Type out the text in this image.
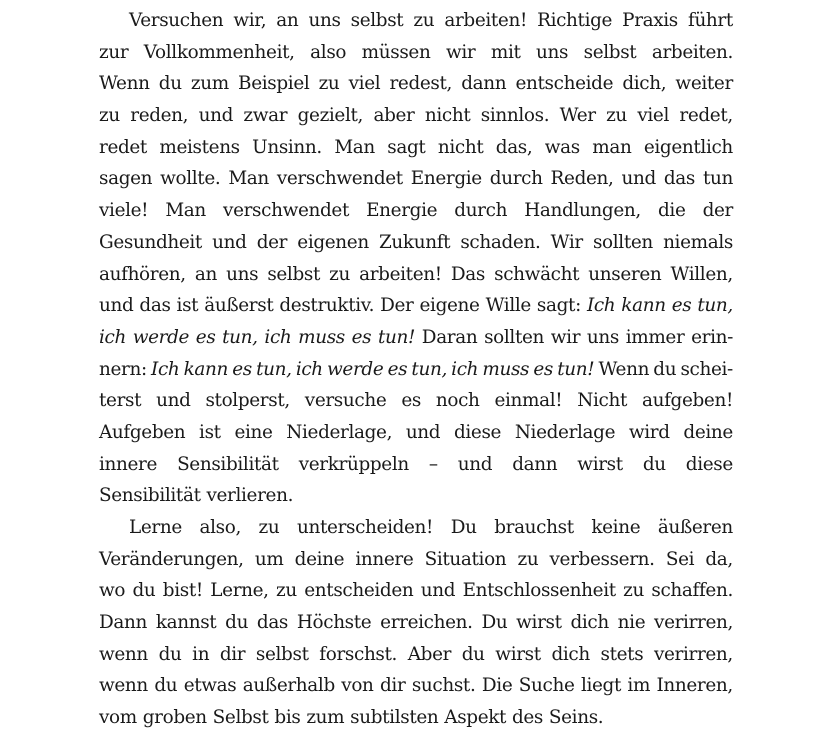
Versuchen wir, an uns selbst zu arbeiten! Richtige Praxis führt
zur Vollkommenheit, also müssen wir mit uns selbst arbeiten.
Wenn du zum Beispiel zu viel redest, dann entscheide dich, weiter
zu reden, und zwar gezielt, aber nicht sinnlos. Wer zu viel redet,
redet meistens Unsinn. Man sagt nicht das, was man eigentlich
sagen wollte. Man verschwendet Energie durch Reden, und das tun
viele! Man verschwendet Energie durch Handlungen, die der
Gesundheit und der eigenen Zukunft schaden. Wir sollten niemals
aufhören, an uns selbst zu arbeiten! Das schwächt unseren Willen,
und das ist äußerst destruktiv. Der eigene Wille sagt: Ich kann es tun,
ich werde es tun, ich muss es tun! Daran sollten wir uns immer erin-
nern: Ich kann es tun, ich werde es tun, ich muss es tun! Wenn du schei-
terst und stolperst, versuche es noch einmal! Nicht aufgeben!
Aufgeben ist eine Niederlage, und diese Niederlage wird deine
innere Sensibilität verkrüppeln – und dann wirst du diese
Sensibilität verlieren.
Lerne also, zu unterscheiden! Du brauchst keine äußeren
Veränderungen, um deine innere Situation zu verbessern. Sei da,
wo du bist! Lerne, zu entscheiden und Entschlossenheit zu schaffen.
Dann kannst du das Höchste erreichen. Du wirst dich nie verirren,
wenn du in dir selbst forschst. Aber du wirst dich stets verirren,
wenn du etwas außerhalb von dir suchst. Die Suche liegt im Inneren,
vom groben Selbst bis zum subtilsten Aspekt des Seins.
